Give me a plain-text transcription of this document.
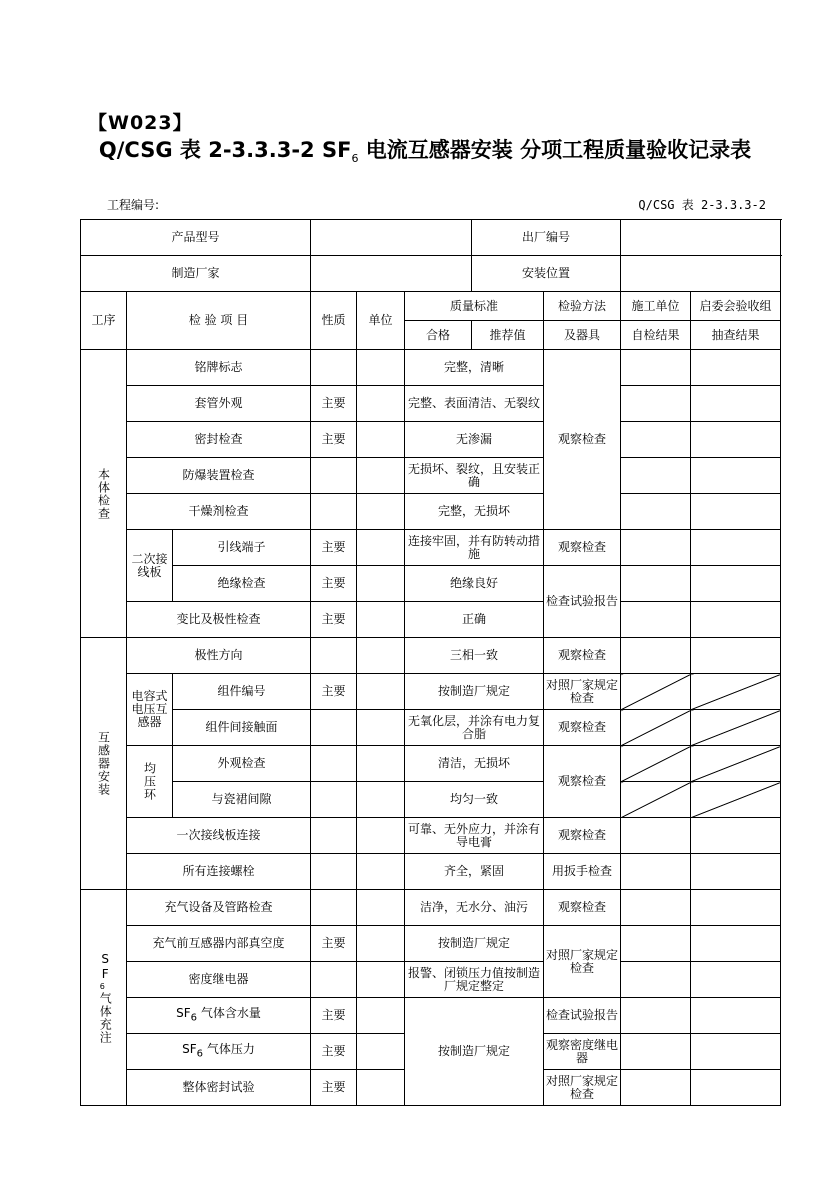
【W023】
Q/CSG 表 2-3.3.3-2 $SF_6$ 电流互感器安装 分项工程质量验收记录表
工程编号:	Q/CSG 表 2-3.3.3-2
产品型号						出厂编号			
制造厂家						安装位置			
工序	检 验 项 目		性质	单位	质量标准		检验方法	施工单位	启委会验收组
					合格	推荐值	及器具	自检结果	抽查结果

本体检查	铭牌标志				完整，清晰		观察检查		
	套管外观		主要		完整、表面清洁、无裂纹				
	密封检查		主要		无渗漏				
	防爆装置检查				无损坏、裂纹，且安装正确				
	干燥剂检查				完整，无损坏				
	二次接线板	引线端子	主要		连接牢固，并有防转动措施		观察检查		
		绝缘检查	主要		绝缘良好		检查试验报告		
	变比及极性检查		主要		正确				

互感器安装	极性方向				三相一致		观察检查		
	电容式电压互感器	组件编号	主要		按制造厂规定		对照厂家规定检查		
		组件间接触面			无氧化层，并涂有电力复合脂		观察检查		

	均压环	外观检查			清洁，无损坏		观察检查		
		与瓷裙间隙			均匀一致				
	一次接线板连接				可靠、无外应力，并涂有导电膏		观察检查		
	所有连接螺栓				齐全，紧固		用扳手检查		

$SF_6$气体充注	充气设备及管路检查				洁净，无水分、油污		观察检查		
	充气前互感器内部真空度		主要		按制造厂规定		对照厂家规定检查		
	密度继电器				报警、闭锁压力值按制造厂规定整定				
	$SF_6$ 气体含水量		主要		按制造厂规定		检查试验报告		
	$SF_6$ 气体压力		主要				观察密度继电器		
	整体密封试验		主要				对照厂家规定检查		
